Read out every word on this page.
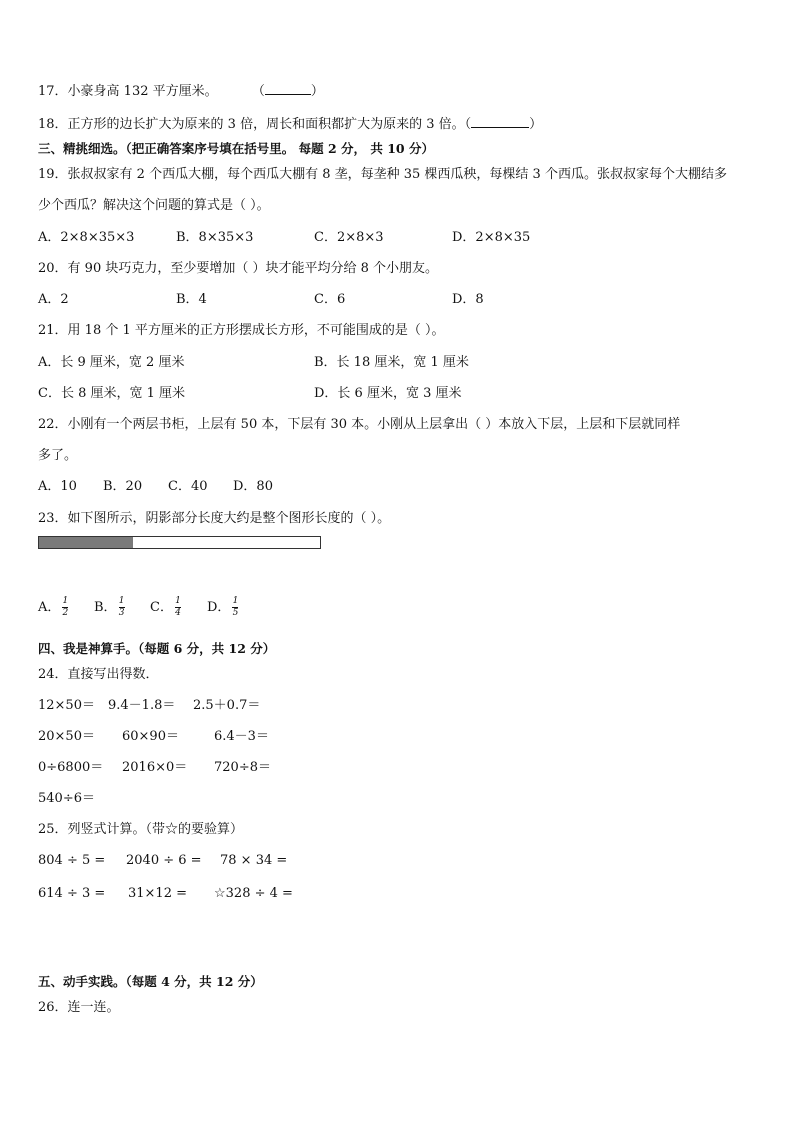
17．小豪身高 132 平方厘米。	（	）
18．正方形的边长扩大为原来的 3 倍，周长和面积都扩大为原来的 3 倍。（	）
三、精挑细选。（把正确答案序号填在括号里。 每题 2 分， 共 10 分）
19．张叔叔家有 2 个西瓜大棚，每个西瓜大棚有 8 垄，每垄种 35 棵西瓜秧，每棵结 3 个西瓜。张叔叔家每个大棚结多
少个西瓜？解决这个问题的算式是（ ）。
A．2×8×35×3	B．8×35×3	C．2×8×3	D．2×8×35
20．有 90 块巧克力，至少要增加（ ）块才能平均分给 8 个小朋友。
A．2	B．4	C．6	D．8
21．用 18 个 1 平方厘米的正方形摆成长方形，不可能围成的是（ ）。
A．长 9 厘米，宽 2 厘米	B．长 18 厘米，宽 1 厘米
C．长 8 厘米，宽 1 厘米	D．长 6 厘米，宽 3 厘米
22．小刚有一个两层书柜，上层有 50 本，下层有 30 本。小刚从上层拿出（ ）本放入下层，上层和下层就同样
多了。
A．10 B．20 C．40 D．80
23．如下图所示，阴影部分长度大约是整个图形长度的（ ）。
A． $\frac{1}{2}$ B． $\frac{1}{3}$ C． $\frac{1}{4}$ D． $\frac{1}{5}$
四、我是神算手。（每题 6 分，共 12 分）
24．直接写出得数．
12×50＝ 9.4－1.8＝ 2.5＋0.7＝
20×50＝ 60×90＝	6.4－3＝
0÷6800＝ 2016×0＝ 720÷8＝
540÷6＝
25．列竖式计算。（带☆的要验算）
804 ÷ 5 = 2040 ÷ 6 = 78 × 34 =
614 ÷ 3 = 31×12 = ☆328 ÷ 4 =
五、动手实践。（每题 4 分，共 12 分）
26．连一连。
